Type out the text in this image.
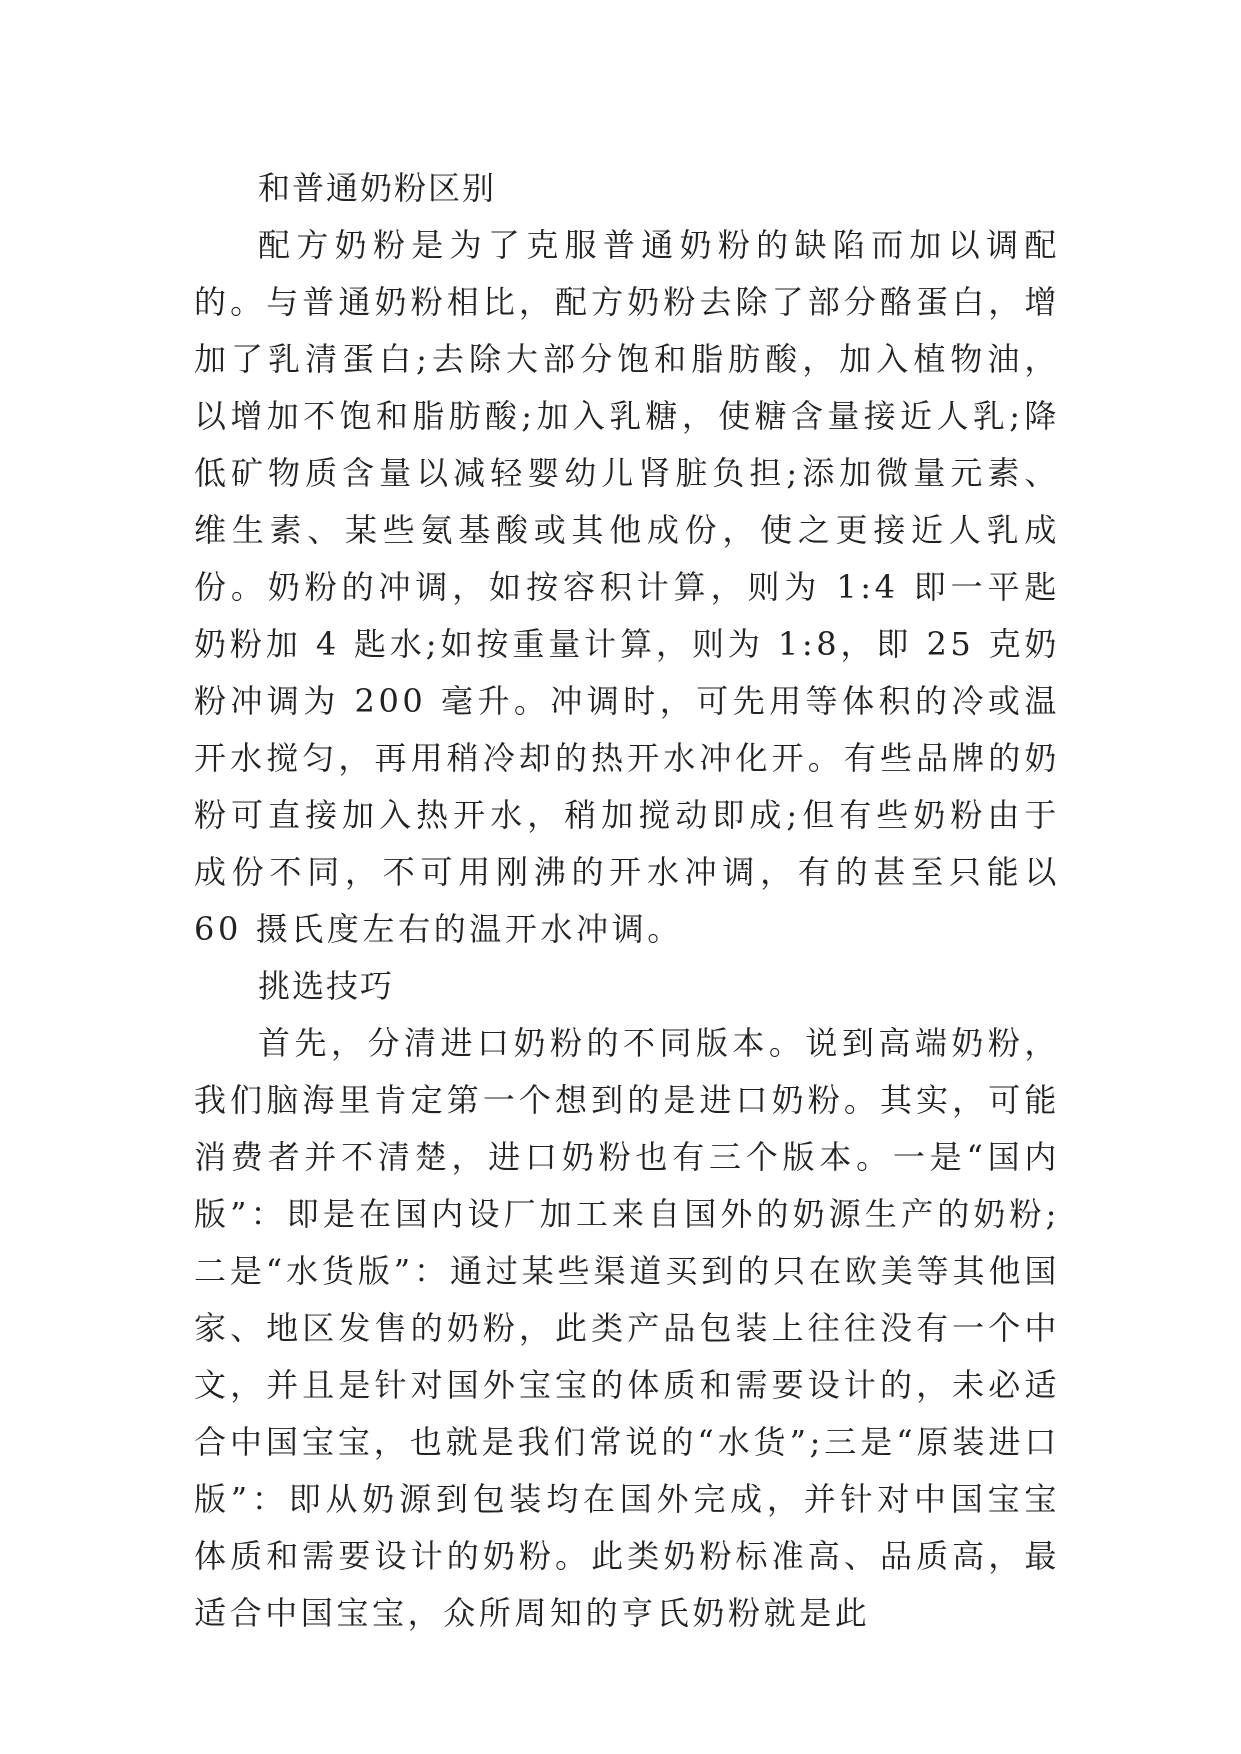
和普通奶粉区别

配方奶粉是为了克服普通奶粉的缺陷而加以调配的。与普通奶粉相比，配方奶粉去除了部分酪蛋白，增加了乳清蛋白;去除大部分饱和脂肪酸，加入植物油，以增加不饱和脂肪酸;加入乳糖，使糖含量接近人乳;降低矿物质含量以减轻婴幼儿肾脏负担;添加微量元素、维生素、某些氨基酸或其他成份，使之更接近人乳成份。奶粉的冲调，如按容积计算，则为 1:4 即一平匙奶粉加 4 匙水;如按重量计算，则为 1:8，即 25 克奶粉冲调为 200 毫升。冲调时，可先用等体积的冷或温开水搅匀，再用稍冷却的热开水冲化开。有些品牌的奶粉可直接加入热开水，稍加搅动即成;但有些奶粉由于成份不同，不可用刚沸的开水冲调，有的甚至只能以 60 摄氏度左右的温开水冲调。

挑选技巧

首先，分清进口奶粉的不同版本。说到高端奶粉，我们脑海里肯定第一个想到的是进口奶粉。其实，可能消费者并不清楚，进口奶粉也有三个版本。一是“国内版”：即是在国内设厂加工来自国外的奶源生产的奶粉;二是“水货版”：通过某些渠道买到的只在欧美等其他国家、地区发售的奶粉，此类产品包装上往往没有一个中文，并且是针对国外宝宝的体质和需要设计的，未必适合中国宝宝，也就是我们常说的“水货”;三是“原装进口版”：即从奶源到包装均在国外完成，并针对中国宝宝体质和需要设计的奶粉。此类奶粉标准高、品质高，最适合中国宝宝，众所周知的亨氏奶粉就是此
